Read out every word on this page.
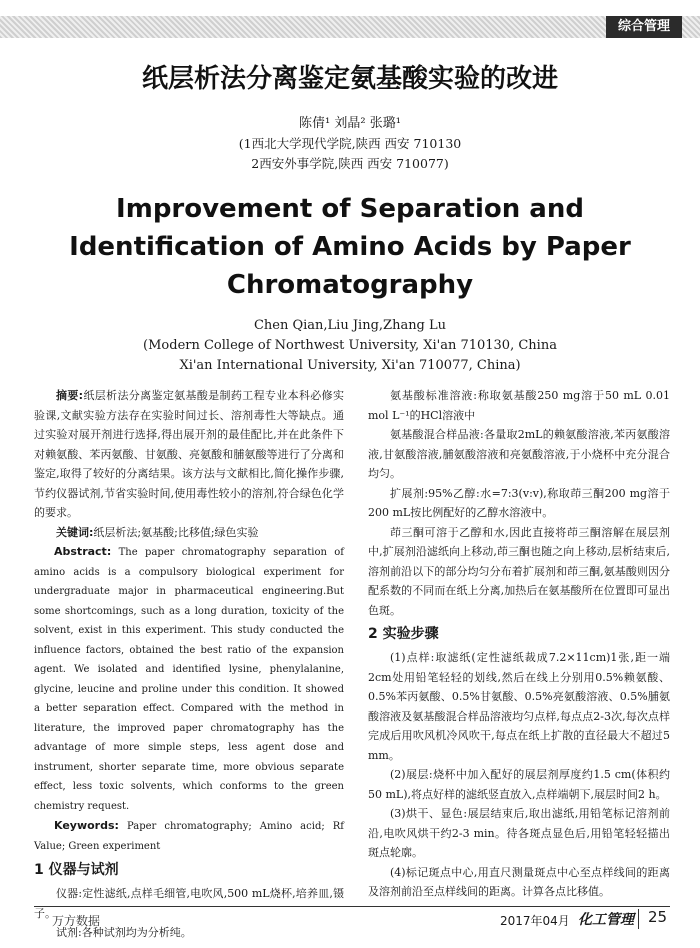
综合管理
纸层析法分离鉴定氨基酸实验的改进
陈倩¹ 刘晶² 张璐¹
(1西北大学现代学院,陕西 西安 710130
2西安外事学院,陕西 西安 710077)
Improvement of Separation and Identification of Amino Acids by Paper Chromatography
Chen Qian,Liu Jing,Zhang Lu
(Modern College of Northwest University, Xi'an 710130, China
Xi'an International University, Xi'an 710077, China)

摘要:纸层析法分离鉴定氨基酸是制药工程专业本科必修实验课,文献实验方法存在实验时间过长、溶剂毒性大等缺点。通过实验对展开剂进行选择,得出展开剂的最佳配比,并在此条件下对赖氨酸、苯丙氨酸、甘氨酸、亮氨酸和脯氨酸等进行了分离和鉴定,取得了较好的分离结果。该方法与文献相比,简化操作步骤,节约仪器试剂,节省实验时间,使用毒性较小的溶剂,符合绿色化学的要求。

关键词:纸层析法;氨基酸;比移值;绿色实验

Abstract: The paper chromatography separation of amino acids is a compulsory biological experiment for undergraduate major in pharmaceutical engineering.But some shortcomings, such as a long duration, toxicity of the solvent, exist in this experiment. This study conducted the influence factors, obtained the best ratio of the expansion agent. We isolated and identified lysine, phenylalanine, glycine, leucine and proline under this condition. It showed a better separation effect. Compared with the method in literature, the improved paper chromatography has the advantage of more simple steps, less agent dose and instrument, shorter separate time, more obvious separate effect, less toxic solvents, which conforms to the green chemistry request.

Keywords: Paper chromatography; Amino acid; Rf Value; Green experiment

1 仪器与试剂

仪器:定性滤纸,点样毛细管,电吹风,500 mL烧杯,培养皿,镊子。

试剂:各种试剂均为分析纯。

氨基酸标准溶液:称取氨基酸250 mg溶于50 mL 0.01 mol L⁻¹的HCl溶液中

氨基酸混合样品液:各量取2mL的赖氨酸溶液,苯丙氨酸溶液,甘氨酸溶液,脯氨酸溶液和亮氨酸溶液,于小烧杯中充分混合均匀。

扩展剂:95%乙醇:水=7:3(v:v),称取茚三酮200 mg溶于200 mL按比例配好的乙醇水溶液中。

茚三酮可溶于乙醇和水,因此直接将茚三酮溶解在展层剂中,扩展剂沿滤纸向上移动,茚三酮也随之向上移动,层析结束后,溶剂前沿以下的部分均匀分布着扩展剂和茚三酮,氨基酸则因分配系数的不同而在纸上分离,加热后在氨基酸所在位置即可显出色斑。

2 实验步骤

(1)点样:取滤纸(定性滤纸裁成7.2×11cm)1张,距一端2cm处用铅笔轻轻的划线,然后在线上分别用0.5%赖氨酸、0.5%苯丙氨酸、0.5%甘氨酸、0.5%亮氨酸溶液、0.5%脯氨酸溶液及氨基酸混合样品溶液均匀点样,每点点2-3次,每次点样完成后用吹风机冷风吹干,每点在纸上扩散的直径最大不超过5 mm。

(2)展层:烧杯中加入配好的展层剂厚度约1.5 cm(体积约50 mL),将点好样的滤纸竖直放入,点样端朝下,展层时间2 h。

(3)烘干、显色:展层结束后,取出滤纸,用铅笔标记溶剂前沿,电吹风烘干约2-3 min。待各斑点显色后,用铅笔轻轻描出斑点轮廓。

(4)标记斑点中心,用直尺测量斑点中心至点样线间的距离及溶剂前沿至点样线间的距离。计算各点比移值。

万方数据	2017年04月 化工管理 25
